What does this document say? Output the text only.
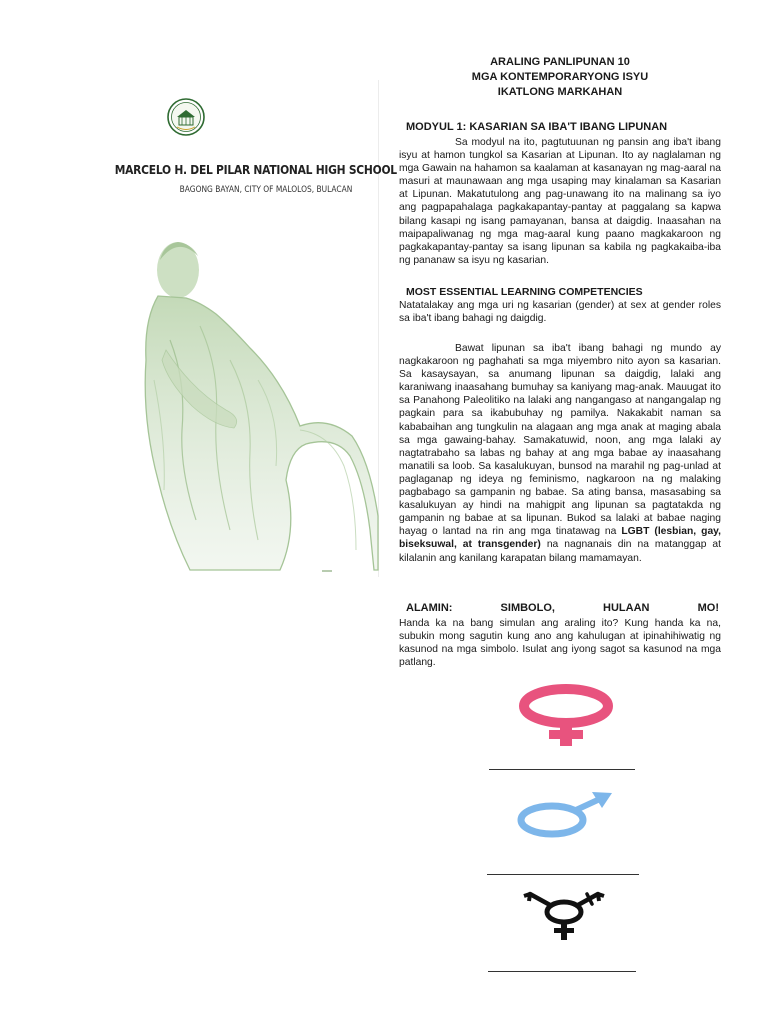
MARCELO H. DEL PILAR NATIONAL HIGH SCHOOL
BAGONG BAYAN, CITY OF MALOLOS, BULACAN
ARALING PANLIPUNAN 10
MGA KONTEMPORARYONG ISYU
IKATLONG MARKAHAN
MODYUL 1: KASARIAN SA IBA'T IBANG LIPUNAN

Sa modyul na ito, pagtutuunan ng pansin ang iba't ibang isyu at hamon tungkol sa Kasarian at Lipunan. Ito ay naglalaman ng mga Gawain na hahamon sa kaalaman at kasanayan ng mag-aaral na masuri at maunawaan ang mga usaping may kinalaman sa Kasarian at Lipunan. Makatutulong ang pag-unawang ito na malinang sa iyo ang pagpapahalaga pagkakapantay-pantay at paggalang sa kapwa bilang kasapi ng isang pamayanan, bansa at daigdig. Inaasahan na maipapaliwanag ng mga mag-aaral kung paano magkakaroon ng pagkakapantay-pantay sa isang lipunan sa kabila ng pagkakaiba-iba ng pananaw sa isyu ng kasarian.

MOST ESSENTIAL LEARNING COMPETENCIES

Natatalakay ang mga uri ng kasarian (gender) at sex at gender roles sa iba't ibang bahagi ng daigdig.

Bawat lipunan sa iba't ibang bahagi ng mundo ay nagkakaroon ng paghahati sa mga miyembro nito ayon sa kasarian. Sa kasaysayan, sa anumang lipunan sa daigdig, lalaki ang karaniwang inaasahang bumuhay sa kaniyang mag-anak. Mauugat ito sa Panahong Paleolitiko na lalaki ang nangangaso at nangangalap ng pagkain para sa ikabubuhay ng pamilya. Nakakabit naman sa kababaihan ang tungkulin na alagaan ang mga anak at maging abala sa mga gawaing-bahay. Samakatuwid, noon, ang mga lalaki ay nagtatrabaho sa labas ng bahay at ang mga babae ay inaasahang manatili sa loob. Sa kasalukuyan, bunsod na marahil ng pag-unlad at paglaganap ng ideya ng feminismo, nagkaroon na ng malaking pagbabago sa gampanin ng babae. Sa ating bansa, masasabing sa kasalukuyan ay hindi na mahigpit ang lipunan sa pagtatakda ng gampanin ng babae at sa lipunan. Bukod sa lalaki at babae naging hayag o lantad na rin ang mga tinatawag na LGBT (lesbian, gay, biseksuwal, at transgender) na nagnanais din na matanggap at kilalanin ang kanilang karapatan bilang mamamayan.

ALAMIN:	SIMBOLO,	HULAAN	MO!

Handa ka na bang simulan ang araling ito? Kung handa ka na, subukin mong sagutin kung ano ang kahulugan at ipinahihiwatig ng kasunod na mga simbolo. Isulat ang iyong sagot sa kasunod na mga patlang.
